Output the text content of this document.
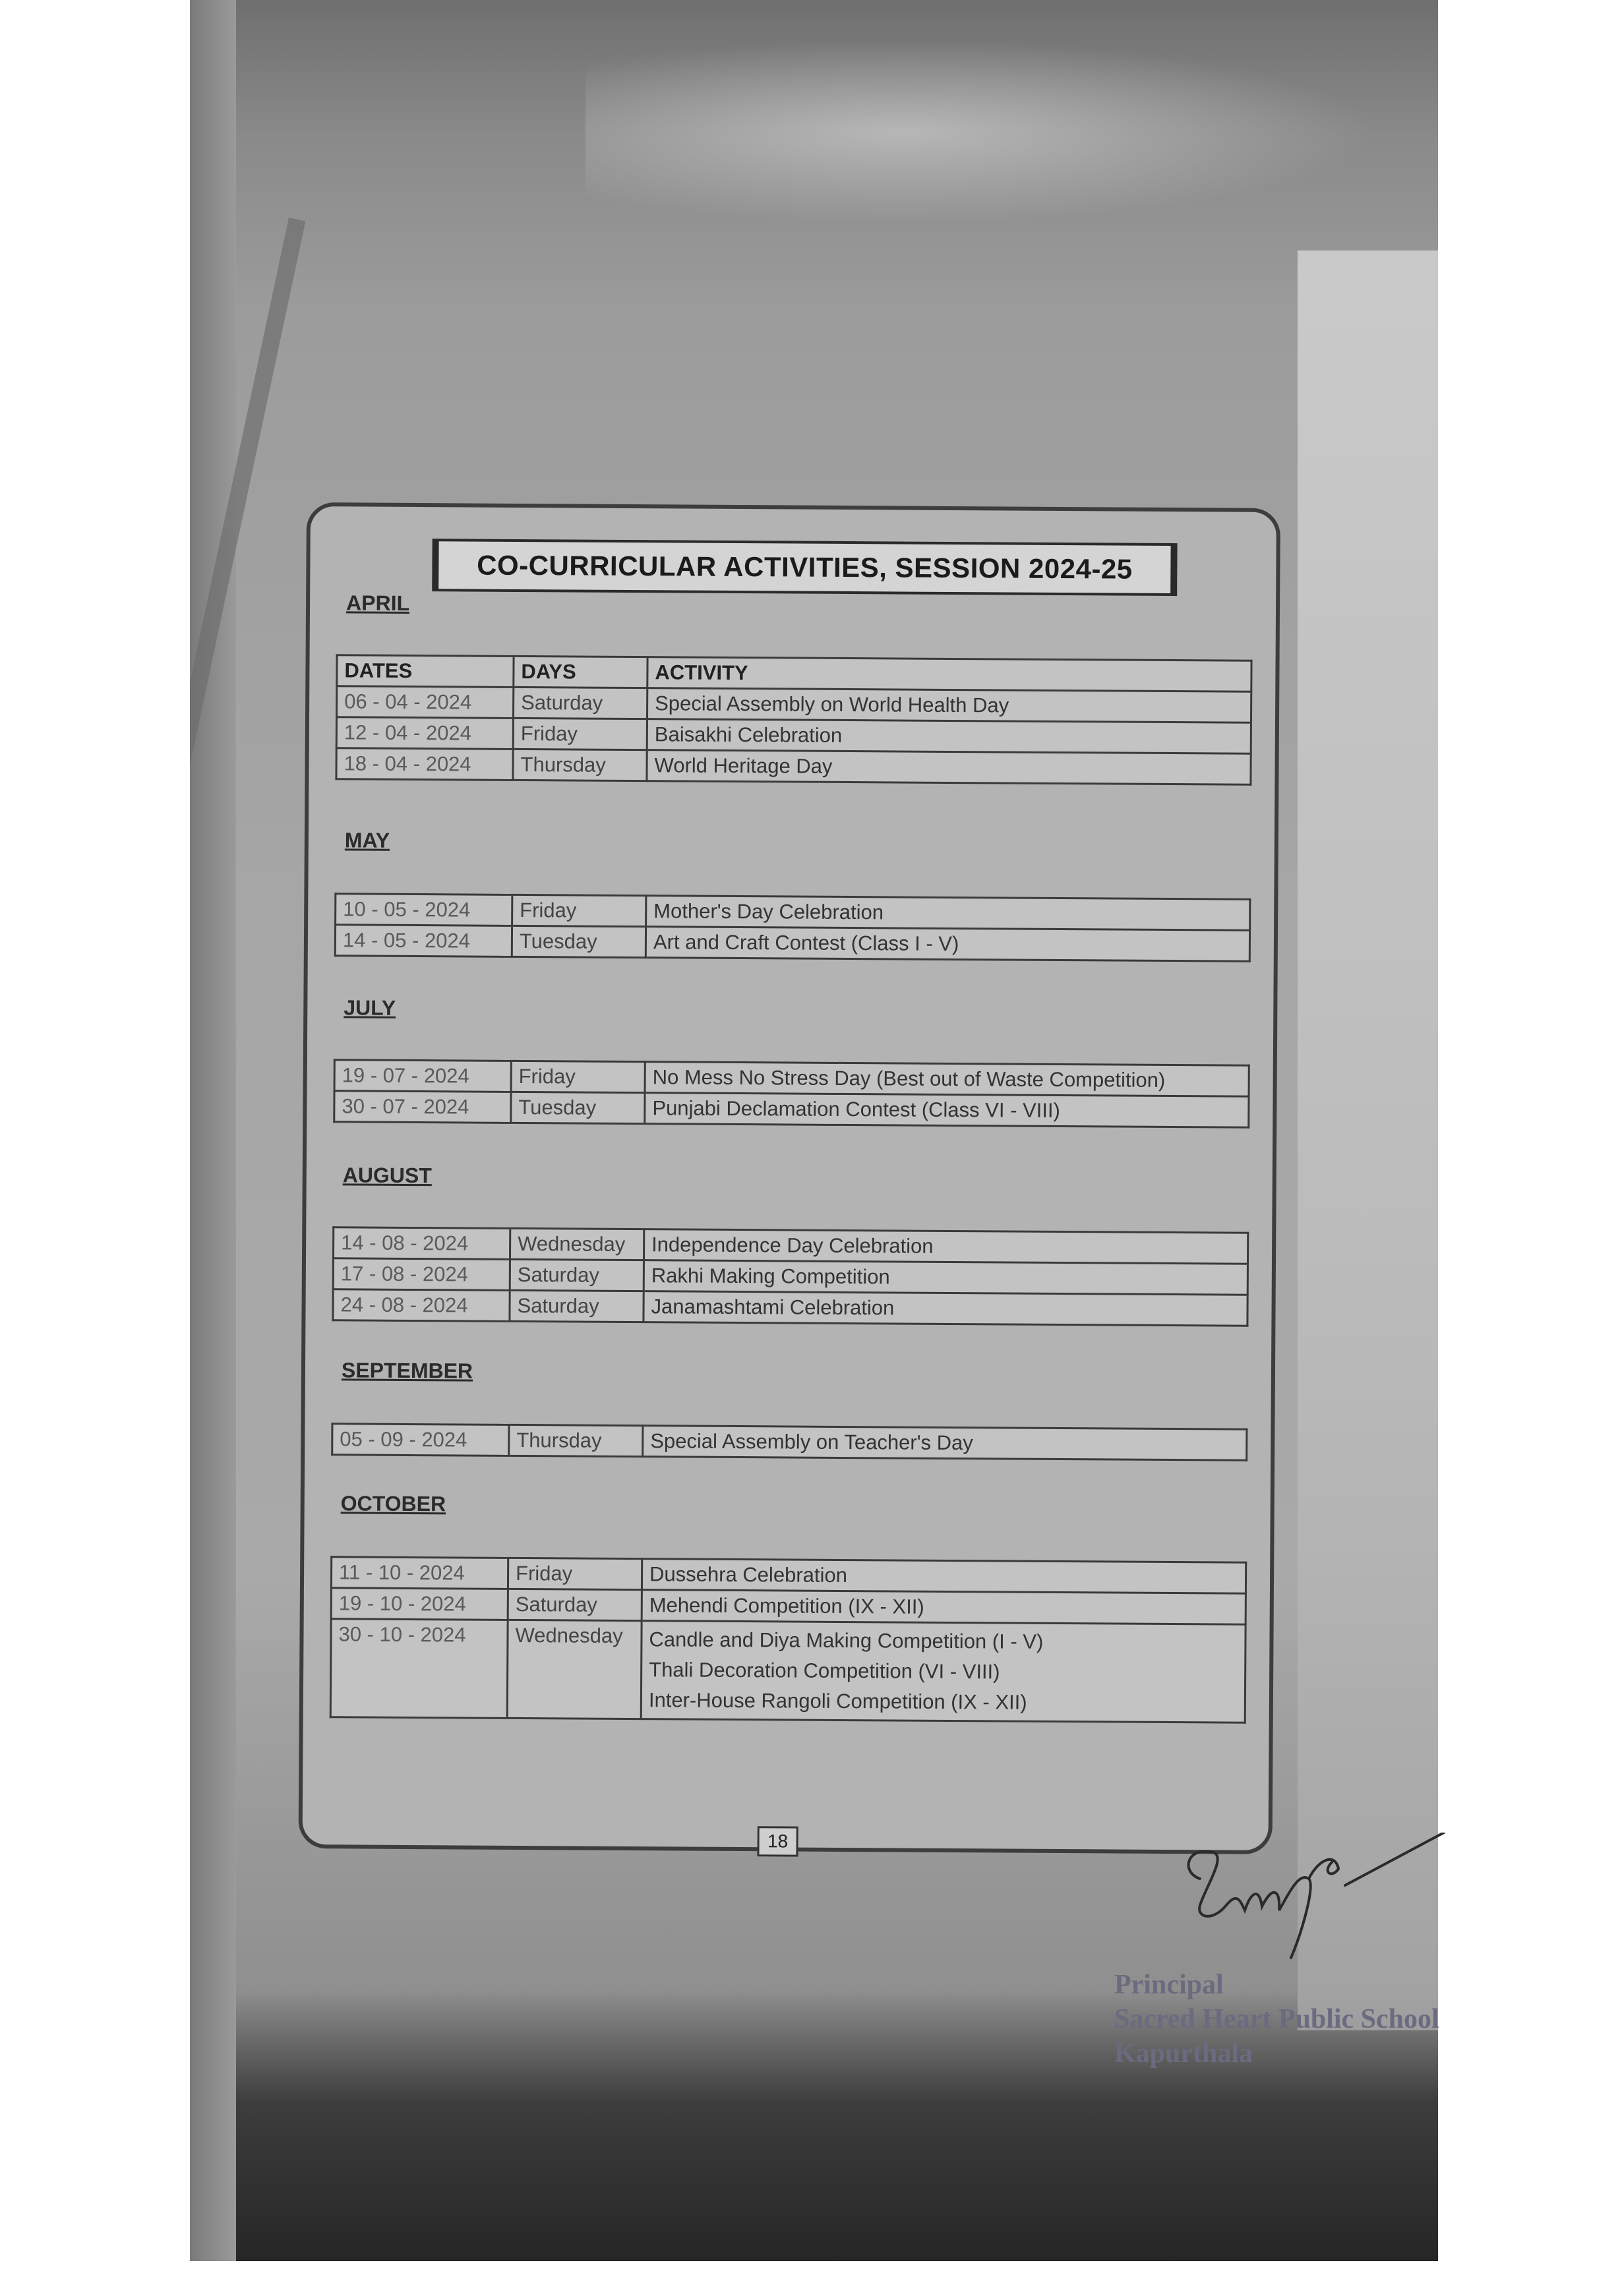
CO-CURRICULAR ACTIVITIES, SESSION 2024-25
APRIL
DATES	DAYS	ACTIVITY
06 - 04 - 2024	Saturday	Special Assembly on World Health Day
12 - 04 - 2024	Friday	Baisakhi Celebration
18 - 04 - 2024	Thursday	World Heritage Day
MAY
10 - 05 - 2024	Friday	Mother's Day Celebration
14 - 05 - 2024	Tuesday	Art and Craft Contest (Class I - V)
JULY
19 - 07 - 2024	Friday	No Mess No Stress Day (Best out of Waste Competition)
30 - 07 - 2024	Tuesday	Punjabi Declamation Contest (Class VI - VIII)
AUGUST
14 - 08 - 2024	Wednesday	Independence Day Celebration
17 - 08 - 2024	Saturday	Rakhi Making Competition
24 - 08 - 2024	Saturday	Janamashtami Celebration
SEPTEMBER
05 - 09 - 2024	Thursday	Special Assembly on Teacher's Day
OCTOBER
11 - 10 - 2024	Friday	Dussehra Celebration
19 - 10 - 2024	Saturday	Mehendi Competition (IX - XII)
30 - 10 - 2024	Wednesday	Candle and Diya Making Competition (I - V)
Thali Decoration Competition (VI - VIII)
Inter-House Rangoli Competition (IX - XII)
18
Principal
Sacred Heart Public School
Kapurthala
